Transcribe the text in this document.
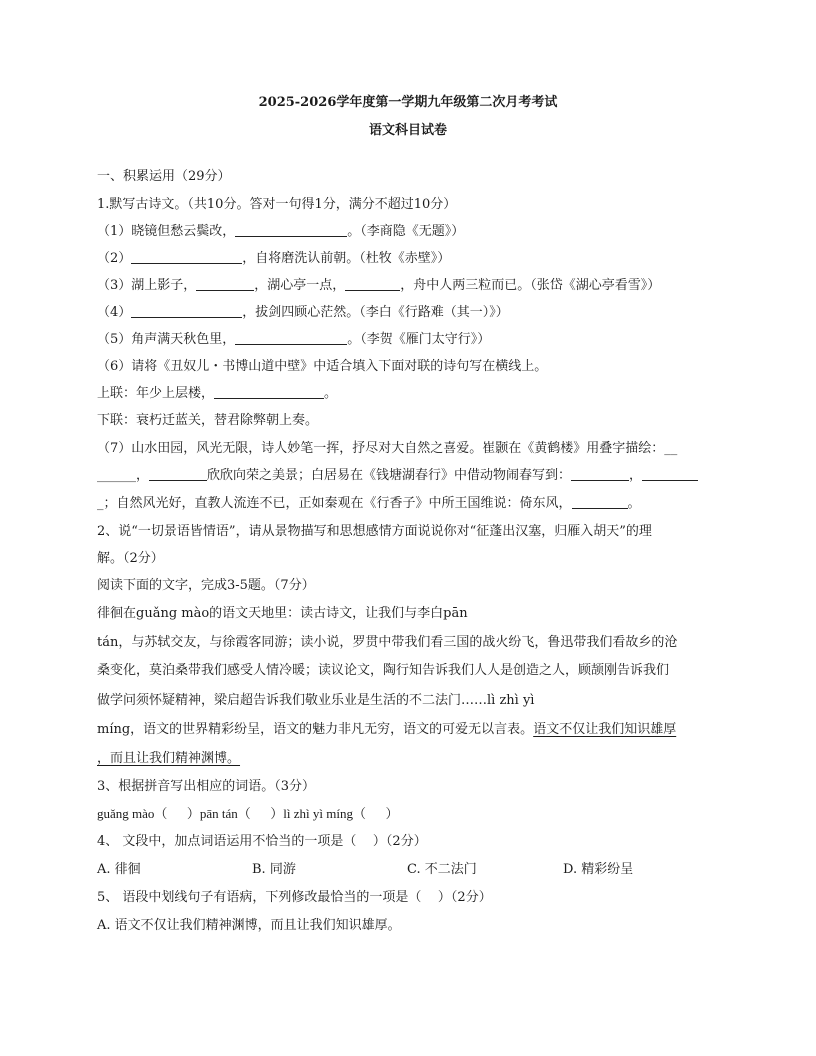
2025-2026学年度第一学期九年级第二次月考考试
语文科目试卷
一、积累运用（29分）
1.默写古诗文。（共10分。答对一句得1分，满分不超过10分）
（1）晓镜但愁云鬓改，	。（李商隐《无题》）
（2）	，自将磨洗认前朝。（杜牧《赤壁》）
（3）湖上影子，	，湖心亭一点，	，舟中人两三粒而已。（张岱《湖心亭看雪》）
（4）	，拔剑四顾心茫然。（李白《行路难（其一）》）
（5）角声满天秋色里，	。（李贺《雁门太守行》）
（6）请将《丑奴儿・书博山道中壁》中适合填入下面对联的诗句写在横线上。
上联：年少上层楼，	。
下联：衰朽迁蓝关，替君除弊朝上奏。
（7）山水田园，风光无限，诗人妙笔一挥，抒尽对大自然之喜爱。崔颢在《黄鹤楼》用叠字描绘：__
______，	欣欣向荣之美景；白居易在《钱塘湖春行》中借动物闹春写到：	，
_；自然风光好，直教人流连不已，正如秦观在《行香子》中所王国维说：倚东风，	。
2、说“一切景语皆情语”，请从景物描写和思想感情方面说说你对“征蓬出汉塞，归雁入胡天”的理
解。（2分）
阅读下面的文字，完成3-5题。（7分）
徘徊在guǎng mào的语文天地里：读古诗文，让我们与李白pān
tán，与苏轼交友，与徐霞客同游；读小说，罗贯中带我们看三国的战火纷飞，鲁迅带我们看故乡的沧
桑变化，莫泊桑带我们感受人情冷暖；读议论文，陶行知告诉我们人人是创造之人，顾颉刚告诉我们
做学问须怀疑精神，梁启超告诉我们敬业乐业是生活的不二法门……lì zhì yì
míng，语文的世界精彩纷呈，语文的魅力非凡无穷，语文的可爱无以言表。语文不仅让我们知识雄厚
，而且让我们精神渊博。
3、根据拼音写出相应的词语。（3分）
guǎng mào（      ）pān tán（      ）lì zhì yì míng（      ）
4、 文段中，加点词语运用不恰当的一项是（    ）（2分）
A. 徘徊	B. 同游	C. 不二法门	D. 精彩纷呈
5、 语段中划线句子有语病，下列修改最恰当的一项是（    ）（2分）
A. 语文不仅让我们精神渊博，而且让我们知识雄厚。
